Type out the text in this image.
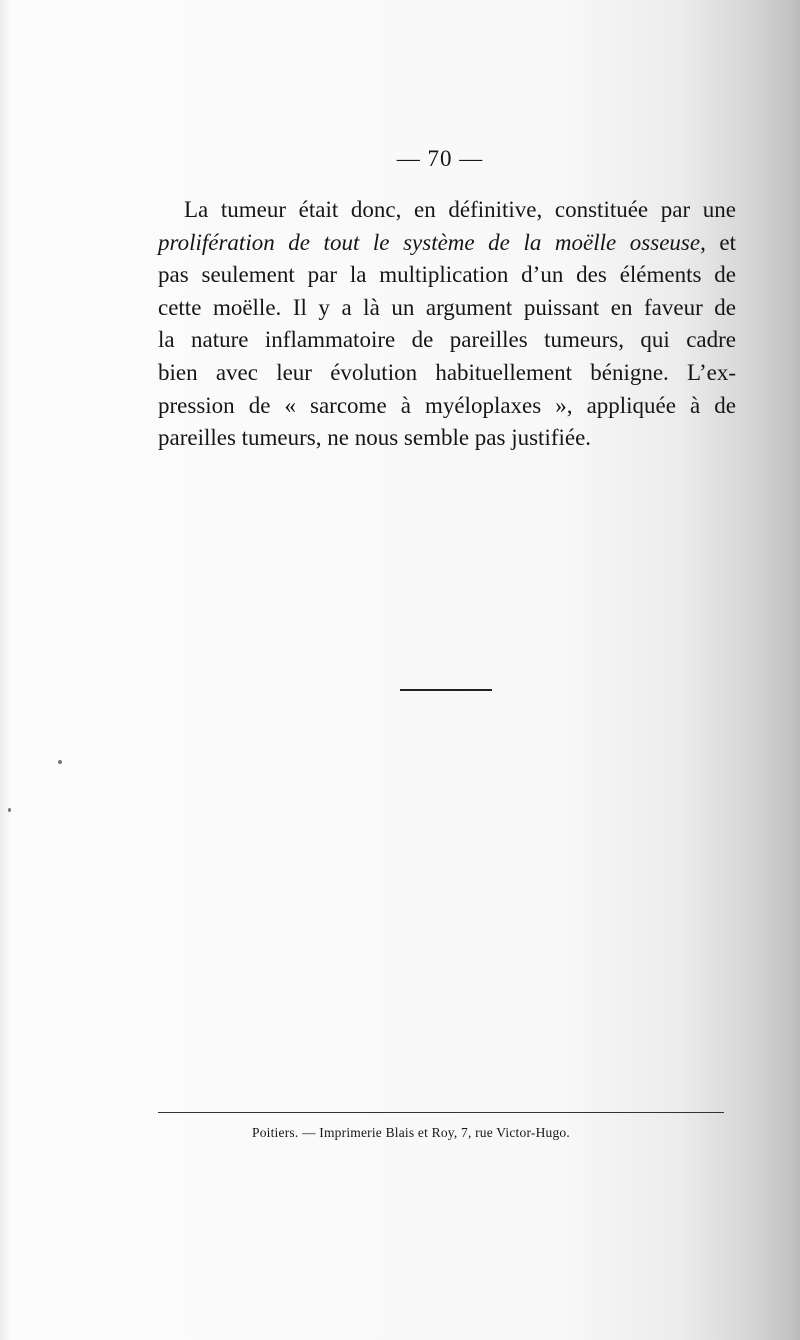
— 70 —
La tumeur était donc, en définitive, constituée par une
prolifération de tout le système de la moëlle osseuse, et
pas seulement par la multiplication d’un des éléments de
cette moëlle. Il y a là un argument puissant en faveur de
la nature inflammatoire de pareilles tumeurs, qui cadre
bien avec leur évolution habituellement bénigne. L’ex-
pression de « sarcome à myéloplaxes », appliquée à de
pareilles tumeurs, ne nous semble pas justifiée.
Poitiers. — Imprimerie Blais et Roy, 7, rue Victor-Hugo.
